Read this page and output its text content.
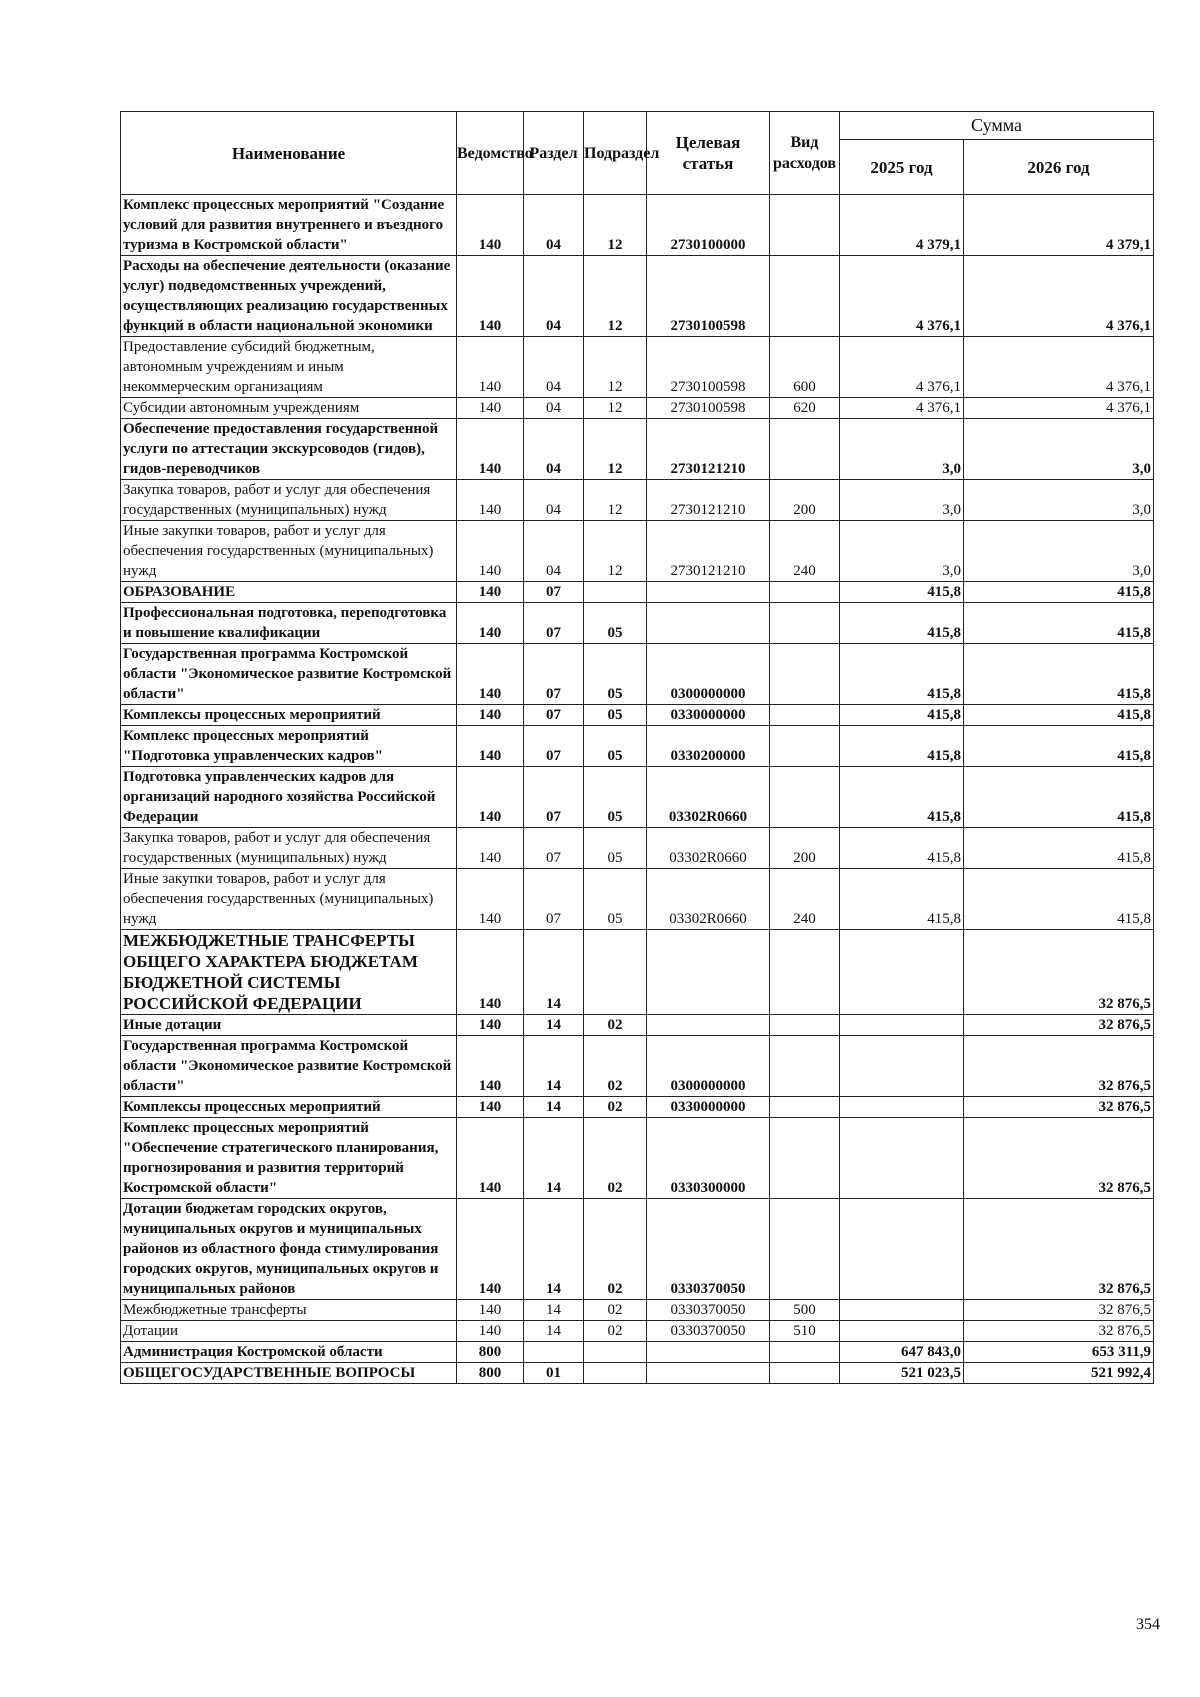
Наименование	Ведомство	Раздел	Подраздел	Целевая статья	Вид расходов	Сумма	
						2025 год	2026 год
Комплекс процессных мероприятий "Создание условий для развития внутреннего и въездного туризма в Костромской области"	140	04	12	2730100000		4 379,1	4 379,1
Расходы на обеспечение деятельности (оказание услуг) подведомственных учреждений, осуществляющих реализацию государственных функций в области национальной экономики	140	04	12	2730100598		4 376,1	4 376,1
Предоставление субсидий бюджетным, автономным учреждениям и иным некоммерческим организациям	140	04	12	2730100598	600	4 376,1	4 376,1
Субсидии автономным учреждениям	140	04	12	2730100598	620	4 376,1	4 376,1
Обеспечение предоставления государственной услуги по аттестации экскурсоводов (гидов), гидов-переводчиков	140	04	12	2730121210		3,0	3,0
Закупка товаров, работ и услуг для обеспечения государственных (муниципальных) нужд	140	04	12	2730121210	200	3,0	3,0
Иные закупки товаров, работ и услуг для обеспечения государственных (муниципальных) нужд	140	04	12	2730121210	240	3,0	3,0
ОБРАЗОВАНИЕ	140	07				415,8	415,8
Профессиональная подготовка, переподготовка и повышение квалификации	140	07	05			415,8	415,8
Государственная программа Костромской области "Экономическое развитие Костромской области"	140	07	05	0300000000		415,8	415,8
Комплексы процессных мероприятий	140	07	05	0330000000		415,8	415,8
Комплекс процессных мероприятий "Подготовка управленческих кадров"	140	07	05	0330200000		415,8	415,8
Подготовка управленческих кадров для организаций народного хозяйства Российской Федерации	140	07	05	03302R0660		415,8	415,8
Закупка товаров, работ и услуг для обеспечения государственных (муниципальных) нужд	140	07	05	03302R0660	200	415,8	415,8
Иные закупки товаров, работ и услуг для обеспечения государственных (муниципальных) нужд	140	07	05	03302R0660	240	415,8	415,8
МЕЖБЮДЖЕТНЫЕ ТРАНСФЕРТЫ ОБЩЕГО ХАРАКТЕРА БЮДЖЕТАМ БЮДЖЕТНОЙ СИСТЕМЫ РОССИЙСКОЙ ФЕДЕРАЦИИ	140	14					32 876,5
Иные дотации	140	14	02				32 876,5
Государственная программа Костромской области "Экономическое развитие Костромской области"	140	14	02	0300000000			32 876,5
Комплексы процессных мероприятий	140	14	02	0330000000			32 876,5
Комплекс процессных мероприятий "Обеспечение стратегического планирования, прогнозирования и развития территорий Костромской области"	140	14	02	0330300000			32 876,5
Дотации бюджетам городских округов, муниципальных округов и муниципальных районов из областного фонда стимулирования городских округов, муниципальных округов и муниципальных районов	140	14	02	0330370050			32 876,5
Межбюджетные трансферты	140	14	02	0330370050	500		32 876,5
Дотации	140	14	02	0330370050	510		32 876,5
Администрация Костромской области	800					647 843,0	653 311,9
ОБЩЕГОСУДАРСТВЕННЫЕ ВОПРОСЫ	800	01				521 023,5	521 992,4
354
